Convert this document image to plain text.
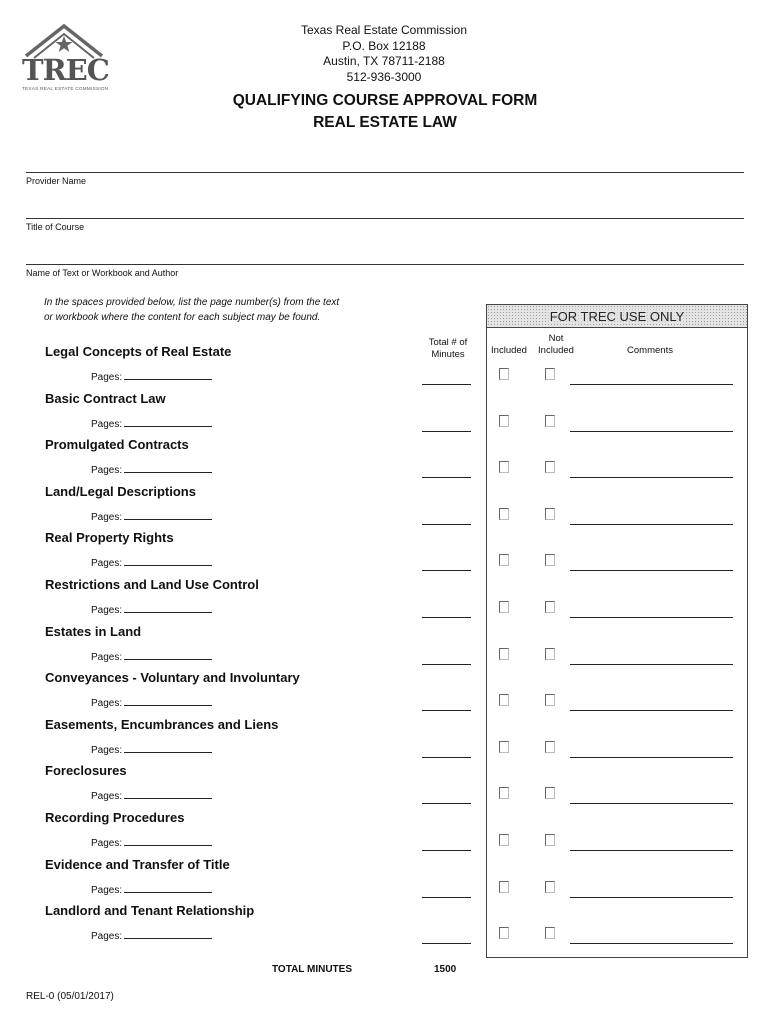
TREC
TEXAS REAL ESTATE COMMISSION
Texas Real Estate Commission
P.O. Box 12188
Austin, TX 78711-2188
512-936-3000
QUALIFYING COURSE APPROVAL FORM
REAL ESTATE LAW
Provider Name
Title of Course
Name of Text or Workbook and Author
In the spaces provided below, list the page number(s) from the text
or workbook where the content for each subject may be found.
Total # of
Minutes
FOR TREC USE ONLY
Included
Not
Included	Comments
Legal Concepts of Real Estate
Pages:
Basic Contract Law
Pages:
Promulgated Contracts
Pages:
Land/Legal Descriptions
Pages:
Real Property Rights
Pages:
Restrictions and Land Use Control
Pages:
Estates in Land
Pages:
Conveyances - Voluntary and Involuntary
Pages:
Easements, Encumbrances and Liens
Pages:
Foreclosures
Pages:
Recording Procedures
Pages:
Evidence and Transfer of Title
Pages:
Landlord and Tenant Relationship
Pages:
TOTAL MINUTES	1500
REL-0 (05/01/2017)
